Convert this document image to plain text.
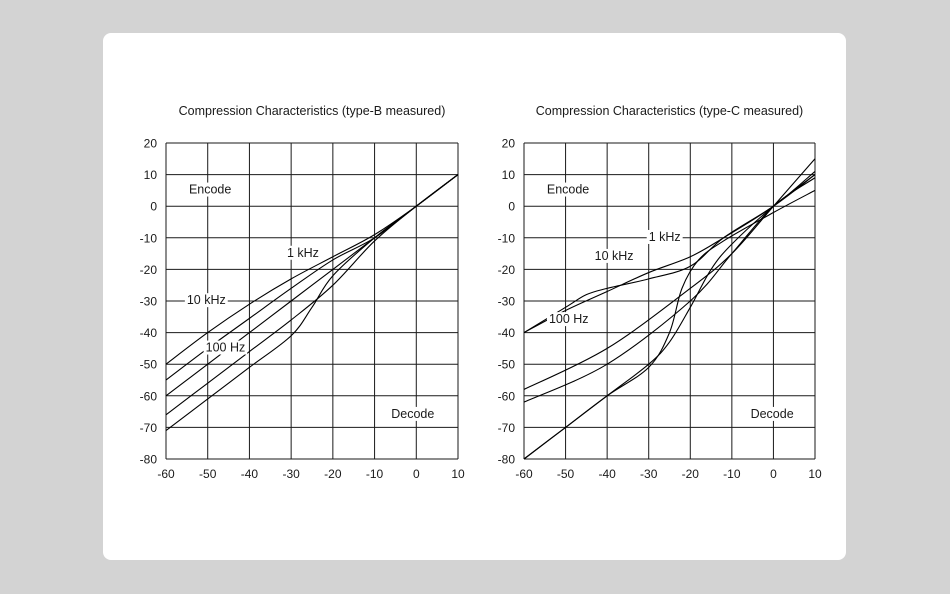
Compression Characteristics (type-B measured)
-60 -50 -40 -30 -20 -10 0	10
20
10
0
-10
-20
-30
-40
-50
-60
-70
-80
Encode
1 kHz
10 kHz
100 Hz
Decode
Compression Characteristics (type-C measured)
-60 -50 -40 -30 -20 -10 0	10
20
10
0
-10
-20
-30
-40
-50
-60
-70
-80
Encode
1 kHz
10 kHz
100 Hz
Decode
